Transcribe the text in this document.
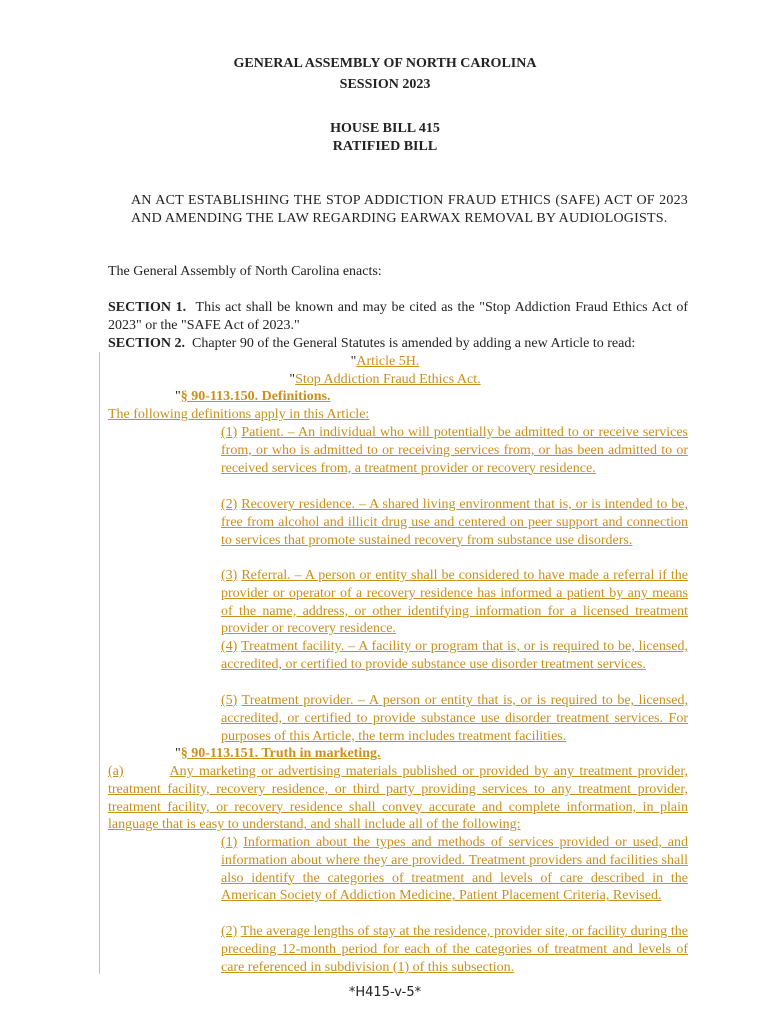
GENERAL ASSEMBLY OF NORTH CAROLINA
SESSION 2023
HOUSE BILL 415
RATIFIED BILL
AN ACT ESTABLISHING THE STOP ADDICTION FRAUD ETHICS (SAFE) ACT OF 2023 AND AMENDING THE LAW REGARDING EARWAX REMOVAL BY AUDIOLOGISTS.
The General Assembly of North Carolina enacts:
SECTION 1. This act shall be known and may be cited as the "Stop Addiction Fraud Ethics Act of 2023" or the "SAFE Act of 2023."
SECTION 2. Chapter 90 of the General Statutes is amended by adding a new Article to read:
"Article 5H.
"Stop Addiction Fraud Ethics Act.
"§ 90-113.150. Definitions.
The following definitions apply in this Article:
(1) Patient. – An individual who will potentially be admitted to or receive services from, or who is admitted to or receiving services from, or has been admitted to or received services from, a treatment provider or recovery residence.
(2) Recovery residence. – A shared living environment that is, or is intended to be, free from alcohol and illicit drug use and centered on peer support and connection to services that promote sustained recovery from substance use disorders.
(3) Referral. – A person or entity shall be considered to have made a referral if the provider or operator of a recovery residence has informed a patient by any means of the name, address, or other identifying information for a licensed treatment provider or recovery residence.
(4) Treatment facility. – A facility or program that is, or is required to be, licensed, accredited, or certified to provide substance use disorder treatment services.
(5) Treatment provider. – A person or entity that is, or is required to be, licensed, accredited, or certified to provide substance use disorder treatment services. For purposes of this Article, the term includes treatment facilities.
"§ 90-113.151. Truth in marketing.
(a)	Any marketing or advertising materials published or provided by any treatment provider, treatment facility, recovery residence, or third party providing services to any treatment provider, treatment facility, or recovery residence shall convey accurate and complete information, in plain language that is easy to understand, and shall include all of the following:
(1) Information about the types and methods of services provided or used, and information about where they are provided. Treatment providers and facilities shall also identify the categories of treatment and levels of care described in the American Society of Addiction Medicine, Patient Placement Criteria, Revised.
(2) The average lengths of stay at the residence, provider site, or facility during the preceding 12-month period for each of the categories of treatment and levels of care referenced in subdivision (1) of this subsection.
*H415-v-5*
